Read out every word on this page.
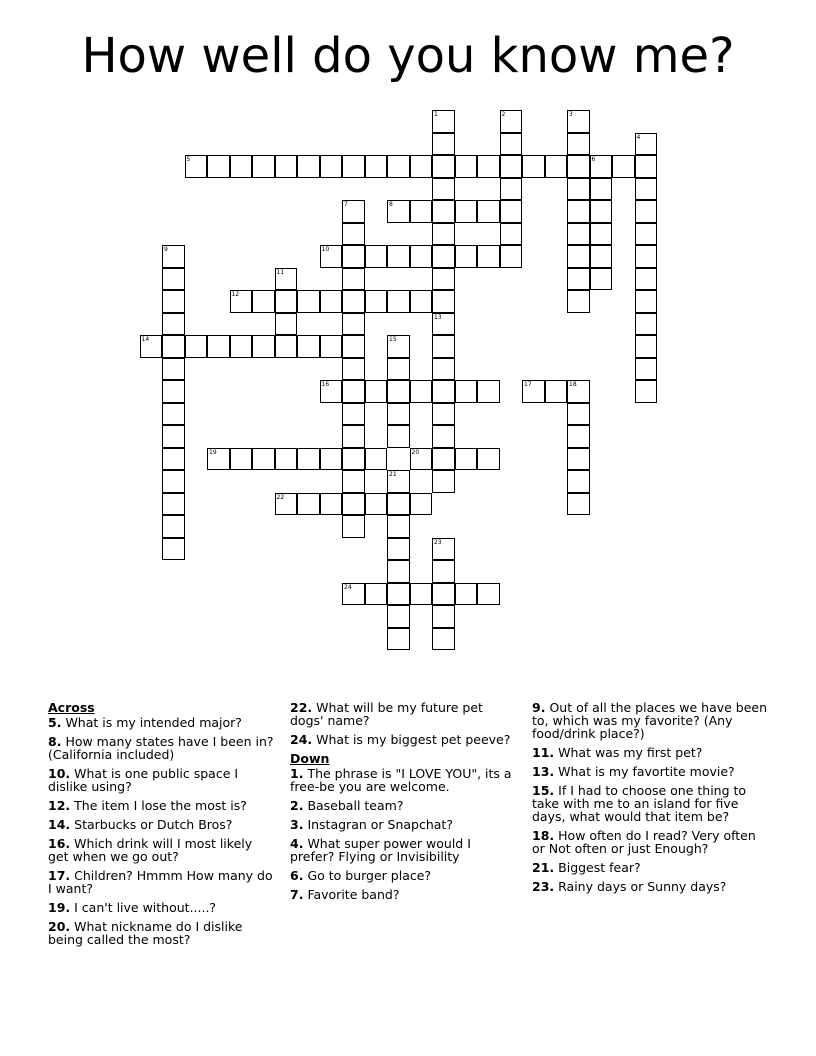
How well do you know me?
1	2	3
4
5	6
7	8
9	10
11
12
13
14	15
16	17	18
19	20
21
22
23
24
Across
5. What is my intended major?
8. How many states have I been in? (California included)
10. What is one public space I dislike using?
12. The item I lose the most is?
14. Starbucks or Dutch Bros?
16. Which drink will I most likely get when we go out?
17. Children? Hmmm How many do I want?
19. I can't live without.....?
20. What nickname do I dislike being called the most?
22. What will be my future pet dogs' name?
24. What is my biggest pet peeve?
Down
1. The phrase is "I LOVE YOU", its a free-be you are welcome.
2. Baseball team?
3. Instagran or Snapchat?
4. What super power would I prefer? Flying or Invisibility
6. Go to burger place?
7. Favorite band?
9. Out of all the places we have been to, which was my favorite? (Any food/drink place?)
11. What was my first pet?
13. What is my favortite movie?
15. If I had to choose one thing to take with me to an island for five days, what would that item be?
18. How often do I read? Very often or Not often or just Enough?
21. Biggest fear?
23. Rainy days or Sunny days?
